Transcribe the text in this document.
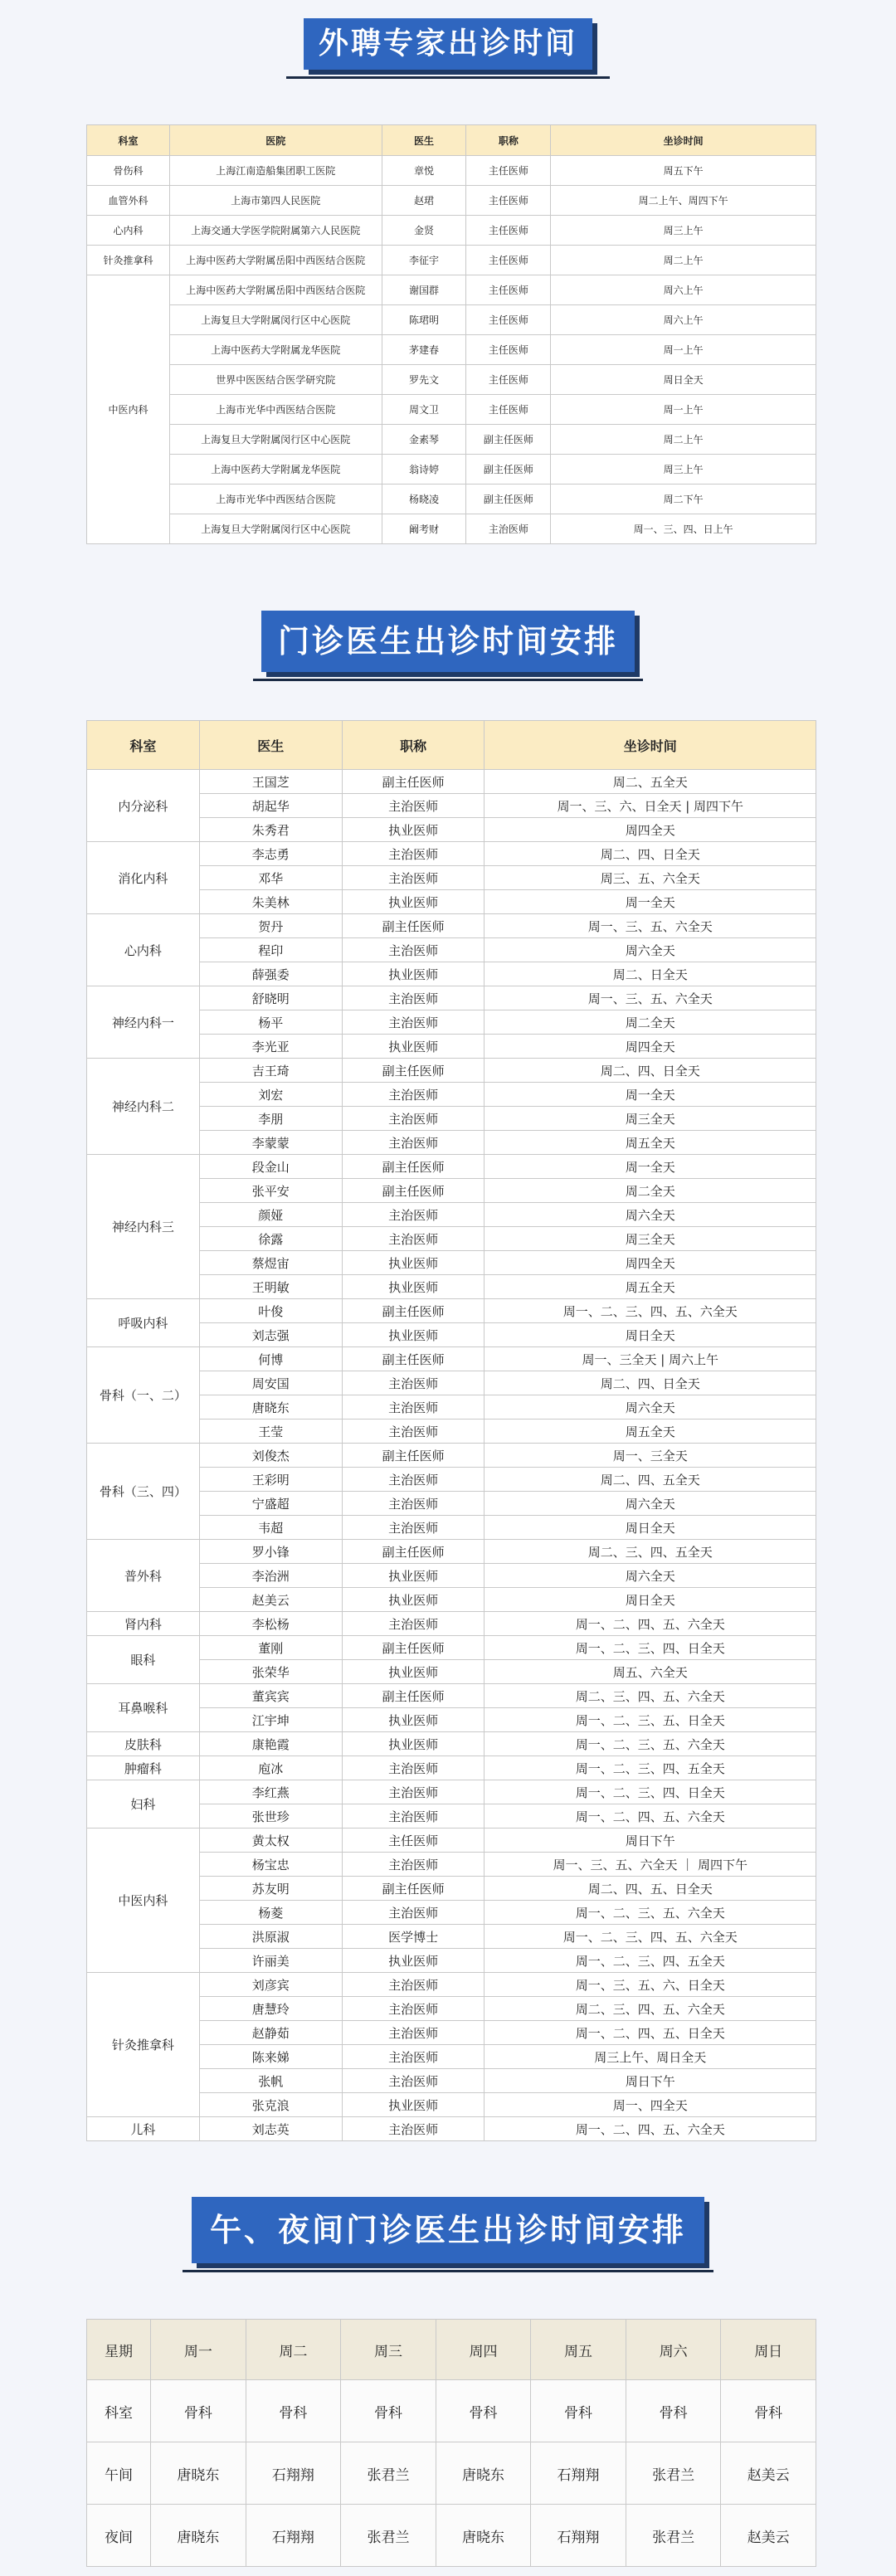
外聘专家出诊时间
科室	医院	医生	职称	坐诊时间
骨伤科	上海江南造船集团职工医院	章悦	主任医师	周五下午
血管外科	上海市第四人民医院	赵珺	主任医师	周二上午、周四下午
心内科	上海交通大学医学院附属第六人民医院	金贤	主任医师	周三上午
针灸推拿科	上海中医药大学附属岳阳中西医结合医院	李征宇	主任医师	周二上午
中医内科	上海中医药大学附属岳阳中西医结合医院	谢国群	主任医师	周六上午
	上海复旦大学附属闵行区中心医院	陈珺明	主任医师	周六上午
	上海中医药大学附属龙华医院	茅建春	主任医师	周一上午
	世界中医医结合医学研究院	罗先文	主任医师	周日全天
	上海市光华中西医结合医院	周文卫	主任医师	周一上午
	上海复旦大学附属闵行区中心医院	金素琴	副主任医师	周二上午
	上海中医药大学附属龙华医院	翁诗婷	副主任医师	周三上午
	上海市光华中西医结合医院	杨晓凌	副主任医师	周二下午
	上海复旦大学附属闵行区中心医院	阚考财	主治医师	周一、三、四、日上午
门诊医生出诊时间安排
科室	医生	职称	坐诊时间
内分泌科	王国芝	副主任医师	周二、五全天
	胡起华	主治医师	周一、三、六、日全天 | 周四下午
	朱秀君	执业医师	周四全天
消化内科	李志勇	主治医师	周二、四、日全天
	邓华	主治医师	周三、五、六全天
	朱美林	执业医师	周一全天
心内科	贺丹	副主任医师	周一、三、五、六全天
	程印	主治医师	周六全天
	薛强委	执业医师	周二、日全天
神经内科一	舒晓明	主治医师	周一、三、五、六全天
	杨平	主治医师	周二全天
	李光亚	执业医师	周四全天
神经内科二	吉王琦	副主任医师	周二、四、日全天
	刘宏	主治医师	周一全天
	李朋	主治医师	周三全天
	李蒙蒙	主治医师	周五全天
神经内科三	段金山	副主任医师	周一全天
	张平安	副主任医师	周二全天
	颜娅	主治医师	周六全天
	徐露	主治医师	周三全天
	蔡煜宙	执业医师	周四全天
	王明敏	执业医师	周五全天
呼吸内科	叶俊	副主任医师	周一、二、三、四、五、六全天
	刘志强	执业医师	周日全天
骨科（一、二）	何博	副主任医师	周一、三全天 | 周六上午
	周安国	主治医师	周二、四、日全天
	唐晓东	主治医师	周六全天
	王莹	主治医师	周五全天
骨科（三、四）	刘俊杰	副主任医师	周一、三全天
	王彩明	主治医师	周二、四、五全天
	宁盛超	主治医师	周六全天
	韦超	主治医师	周日全天
普外科	罗小锋	副主任医师	周二、三、四、五全天
	李治洲	执业医师	周六全天
	赵美云	执业医师	周日全天
肾内科	李松杨	主治医师	周一、二、四、五、六全天
眼科	董刚	副主任医师	周一、二、三、四、日全天
	张荣华	执业医师	周五、六全天
耳鼻喉科	董宾宾	副主任医师	周二、三、四、五、六全天
	江宇坤	执业医师	周一、二、三、五、日全天
皮肤科	康艳霞	执业医师	周一、二、三、五、六全天
肿瘤科	庖冰	主治医师	周一、二、三、四、五全天
妇科	李红燕	主治医师	周一、二、三、四、日全天
	张世珍	主治医师	周一、二、四、五、六全天
中医内科	黄太权	主任医师	周日下午
	杨宝忠	主治医师	周一、三、五、六全天 ｜ 周四下午
	苏友明	副主任医师	周二、四、五、日全天
	杨菱	主治医师	周一、二、三、五、六全天
	洪原淑	医学博士	周一、二、三、四、五、六全天
	许丽美	执业医师	周一、二、三、四、五全天
针灸推拿科	刘彦宾	主治医师	周一、三、五、六、日全天
	唐慧玲	主治医师	周二、三、四、五、六全天
	赵静茹	主治医师	周一、二、四、五、日全天
	陈来娣	主治医师	周三上午、周日全天
	张帆	主治医师	周日下午
	张克浪	执业医师	周一、四全天
儿科	刘志英	主治医师	周一、二、四、五、六全天
午、夜间门诊医生出诊时间安排
星期	周一	周二	周三	周四	周五	周六	周日
科室	骨科	骨科	骨科	骨科	骨科	骨科	骨科
午间	唐晓东	石翔翔	张君兰	唐晓东	石翔翔	张君兰	赵美云
夜间	唐晓东	石翔翔	张君兰	唐晓东	石翔翔	张君兰	赵美云
